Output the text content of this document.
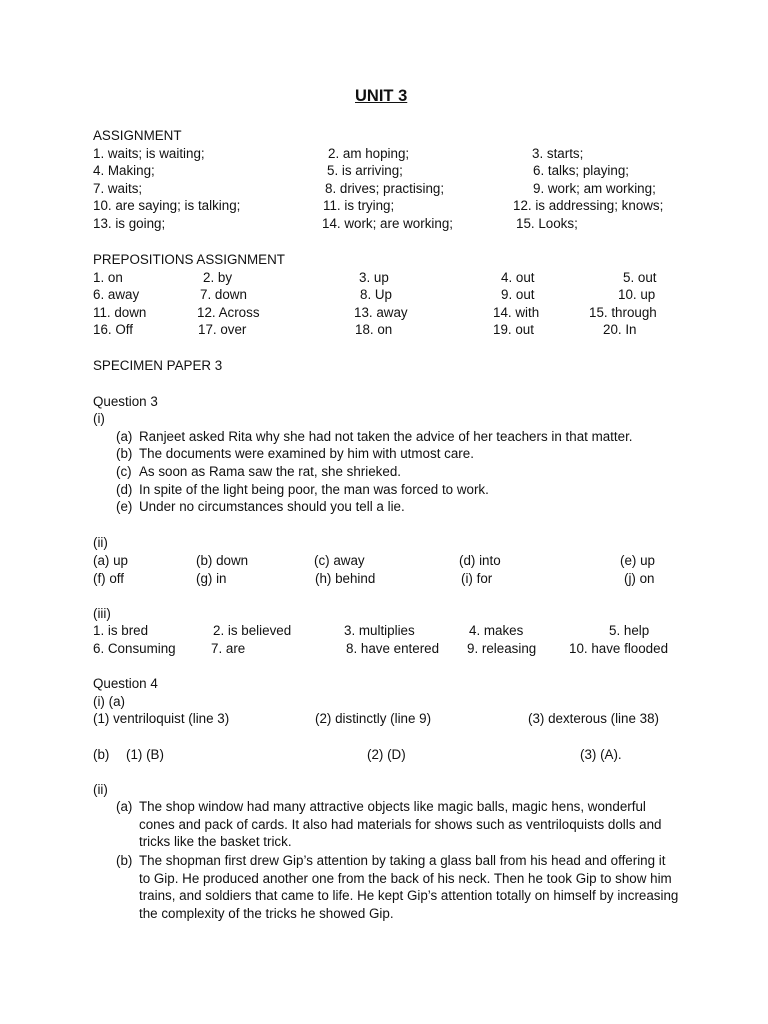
UNIT 3
ASSIGNMENT
1. waits; is waiting;	2. am hoping;	3. starts;
4. Making;	5. is arriving;	6. talks; playing;
7. waits;	8. drives; practising;	9. work; am working;
10. are saying; is talking;	11. is trying;	12. is addressing; knows;
13. is going;	14. work; are working;	15. Looks;
PREPOSITIONS ASSIGNMENT
1. on	2. by	3. up	4. out	5. out
6. away	7. down	8. Up	9. out	10. up
11. down	12. Across	13. away	14. with	15. through
16. Off	17. over	18. on	19. out	20. In
SPECIMEN PAPER 3
Question 3
(i)
(a) Ranjeet asked Rita why she had not taken the advice of her teachers in that matter.
(b) The documents were examined by him with utmost care.
(c) As soon as Rama saw the rat, she shrieked.
(d) In spite of the light being poor, the man was forced to work.
(e) Under no circumstances should you tell a lie.
(ii)
(a) up	(b) down	(c) away	(d) into	(e) up
(f) off	(g) in	(h) behind	(i) for	(j) on
(iii)
1. is bred	2. is believed	3. multiplies	4. makes	5. help
6. Consuming	7. are	8. have entered 9. releasing 10. have flooded
Question 4
(i) (a)
(1) ventriloquist (line 3)	(2) distinctly (line 9)	(3) dexterous (line 38)
(b) (1) (B)	(2) (D)	(3) (A).
(ii)
(a) The shop window had many attractive objects like magic balls, magic hens, wonderful cones and pack of cards. It also had materials for shows such as ventriloquists dolls and tricks like the basket trick.
(b) The shopman first drew Gip’s attention by taking a glass ball from his head and offering it to Gip. He produced another one from the back of his neck. Then he took Gip to show him trains, and soldiers that came to life. He kept Gip’s attention totally on himself by increasing the complexity of the tricks he showed Gip.
